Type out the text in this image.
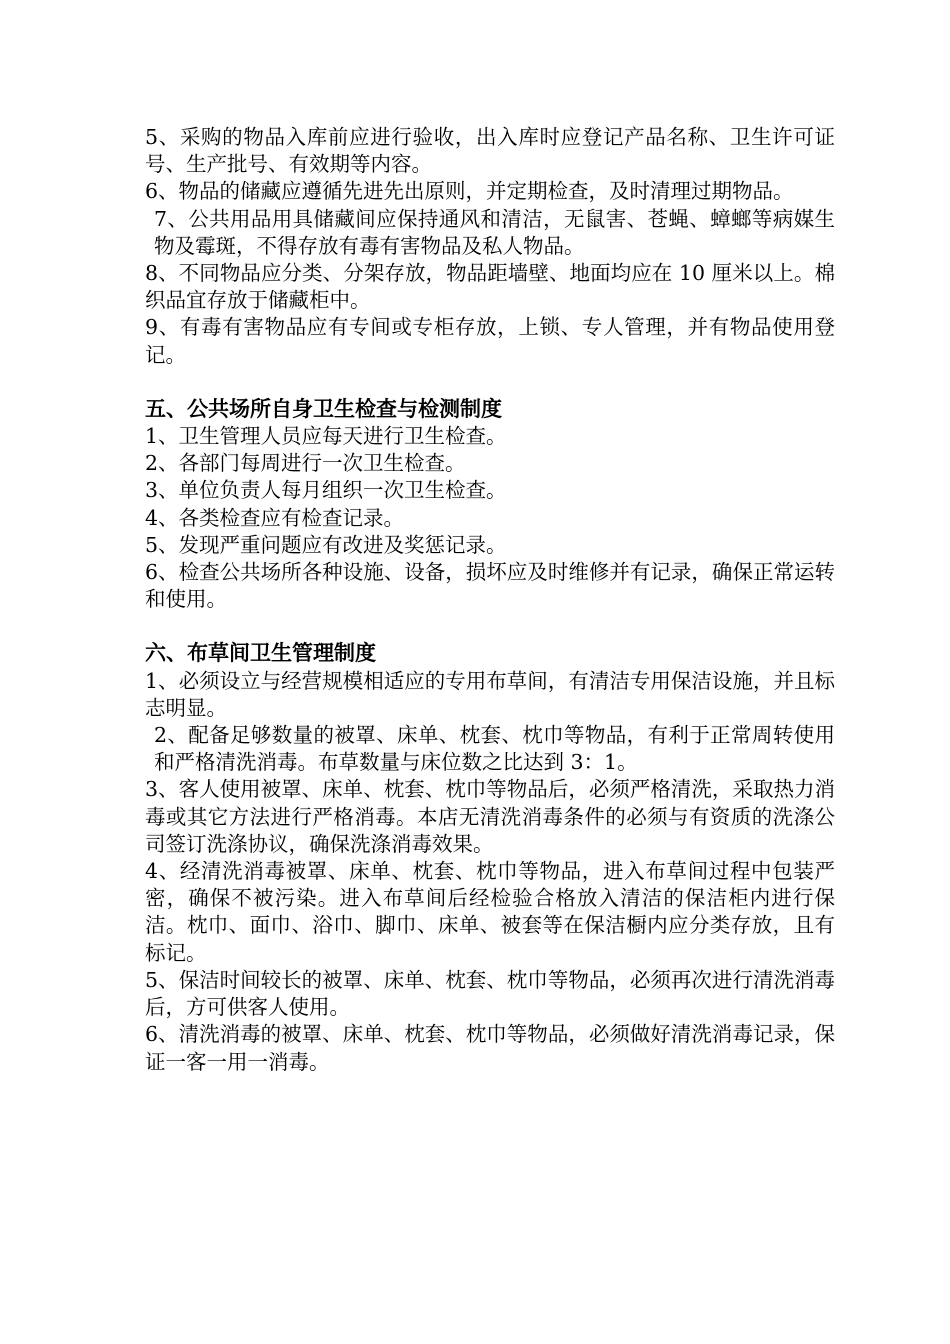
5、采购的物品入库前应进行验收，出入库时应登记产品名称、卫生许可证号、生产批号、有效期等内容。

6、物品的储藏应遵循先进先出原则，并定期检查，及时清理过期物品。

7、公共用品用具储藏间应保持通风和清洁，无鼠害、苍蝇、蟑螂等病媒生物及霉斑，不得存放有毒有害物品及私人物品。

8、不同物品应分类、分架存放，物品距墙壁、地面均应在 10 厘米以上。棉织品宜存放于储藏柜中。

9、有毒有害物品应有专间或专柜存放，上锁、专人管理，并有物品使用登记。

五、公共场所自身卫生检查与检测制度

1、卫生管理人员应每天进行卫生检查。

2、各部门每周进行一次卫生检查。

3、单位负责人每月组织一次卫生检查。

4、各类检查应有检查记录。

5、发现严重问题应有改进及奖惩记录。

6、检查公共场所各种设施、设备，损坏应及时维修并有记录，确保正常运转和使用。

六、布草间卫生管理制度

1、必须设立与经营规模相适应的专用布草间，有清洁专用保洁设施，并且标志明显。

2、配备足够数量的被罩、床单、枕套、枕巾等物品，有利于正常周转使用和严格清洗消毒。布草数量与床位数之比达到 3：1。

3、客人使用被罩、床单、枕套、枕巾等物品后，必须严格清洗，采取热力消毒或其它方法进行严格消毒。本店无清洗消毒条件的必须与有资质的洗涤公司签订洗涤协议，确保洗涤消毒效果。

4、经清洗消毒被罩、床单、枕套、枕巾等物品，进入布草间过程中包装严密，确保不被污染。进入布草间后经检验合格放入清洁的保洁柜内进行保洁。枕巾、面巾、浴巾、脚巾、床单、被套等在保洁橱内应分类存放，且有标记。

5、保洁时间较长的被罩、床单、枕套、枕巾等物品，必须再次进行清洗消毒后，方可供客人使用。

6、清洗消毒的被罩、床单、枕套、枕巾等物品，必须做好清洗消毒记录，保证一客一用一消毒。
